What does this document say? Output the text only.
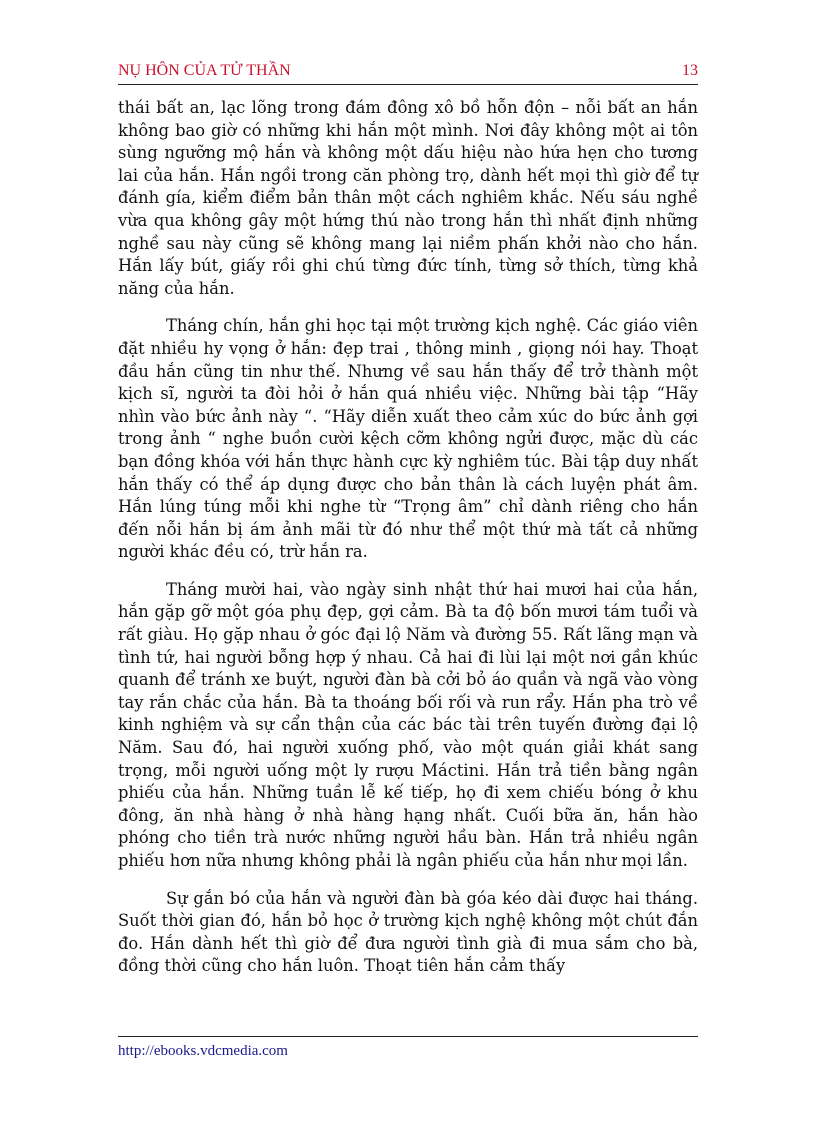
NỤ HÔN CỦA TỬ THẦN	13

thái bất an, lạc lõng trong đám đông xô bồ hỗn độn – nỗi bất an hắn không bao giờ có những khi hắn một mình. Nơi đây không một ai tôn sùng ngưỡng mộ hắn và không một dấu hiệu nào hứa hẹn cho tương lai của hắn. Hắn ngồi trong căn phòng trọ, dành hết mọi thì giờ để tự đánh gía, kiểm điểm bản thân một cách nghiêm khắc. Nếu sáu nghề vừa qua không gây một hứng thú nào trong hắn thì nhất định những nghề sau này cũng sẽ không mang lại niềm phấn khởi nào cho hắn. Hắn lấy bút, giấy rồi ghi chú từng đức tính, từng sở thích, từng khả năng của hắn.

Tháng chín, hắn ghi học tại một trường kịch nghệ. Các giáo viên đặt nhiều hy vọng ở hắn: đẹp trai , thông minh , giọng nói hay. Thoạt đầu hắn cũng tin như thế. Nhưng về sau hắn thấy để trở thành một kịch sĩ, người ta đòi hỏi ở hắn quá nhiều việc. Những bài tập “Hãy nhìn vào bức ảnh này “. “Hãy diễn xuất theo cảm xúc do bức ảnh gợi trong ảnh “ nghe buồn cười kệch cỡm không ngửi được, mặc dù các bạn đồng khóa với hắn thực hành cực kỳ nghiêm túc. Bài tập duy nhất hắn thấy có thể áp dụng được cho bản thân là cách luyện phát âm. Hắn lúng túng mỗi khi nghe từ “Trọng âm” chỉ dành riêng cho hắn đến nỗi hắn bị ám ảnh mãi từ đó như thể một thứ mà tất cả những người khác đều có, trừ hắn ra.

Tháng mười hai, vào ngày sinh nhật thứ hai mươi hai của hắn, hắn gặp gỡ một góa phụ đẹp, gợi cảm. Bà ta độ bốn mươi tám tuổi và rất giàu. Họ gặp nhau ở góc đại lộ Năm và đường 55. Rất lãng mạn và tình tứ, hai người bỗng hợp ý nhau. Cả hai đi lùi lại một nơi gần khúc quanh để tránh xe buýt, người đàn bà cởi bỏ áo quần và ngã vào vòng tay rắn chắc của hắn. Bà ta thoáng bối rối và run rẩy. Hắn pha trò về kinh nghiệm và sự cẩn thận của các bác tài trên tuyến đường đại lộ Năm. Sau đó, hai người xuống phố, vào một quán giải khát sang trọng, mỗi người uống một ly rượu Máctini. Hắn trả tiền bằng ngân phiếu của hắn. Những tuần lễ kế tiếp, họ đi xem chiếu bóng ở khu đông, ăn nhà hàng ở nhà hàng hạng nhất. Cuối bữa ăn, hắn hào phóng cho tiền trà nước những người hầu bàn. Hắn trả nhiều ngân phiếu hơn nữa nhưng không phải là ngân phiếu của hắn như mọi lần.

Sự gắn bó của hắn và người đàn bà góa kéo dài được hai tháng. Suốt thời gian đó, hắn bỏ học ở trường kịch nghệ không một chút đắn đo. Hắn dành hết thì giờ để đưa người tình già đi mua sắm cho bà, đồng thời cũng cho hắn luôn. Thoạt tiên hắn cảm thấy

http://ebooks.vdcmedia.com
